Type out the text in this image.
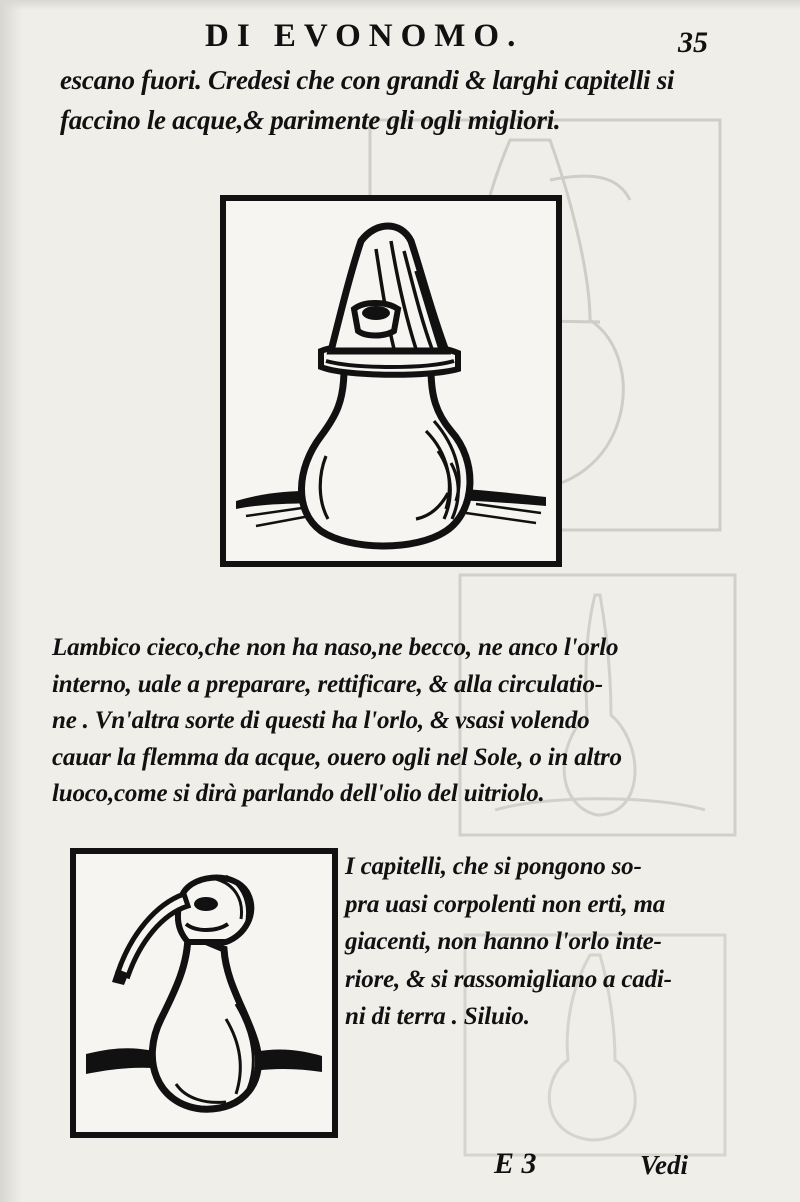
DI EVONOMO.	35
escano fuori. Credesi che con grandi & larghi capitelli si
faccino le acque,& parimente gli ogli migliori.
Lambico cieco,che non ha naso,ne becco, ne anco l'orlo
interno, uale a preparare, rettificare, & alla circulatio-
ne . Vn'altra sorte di questi ha l'orlo, & vsasi volendo
cauar la flemma da acque, ouero ogli nel Sole, o in altro
luoco,come si dirà parlando dell'olio del uitriolo.
I capitelli, che si pongono so-
pra uasi corpolenti non erti, ma
giacenti, non hanno l'orlo inte-
riore, & si rassomigliano a cadi-
ni di terra . Siluio.
E 3	Vedi
